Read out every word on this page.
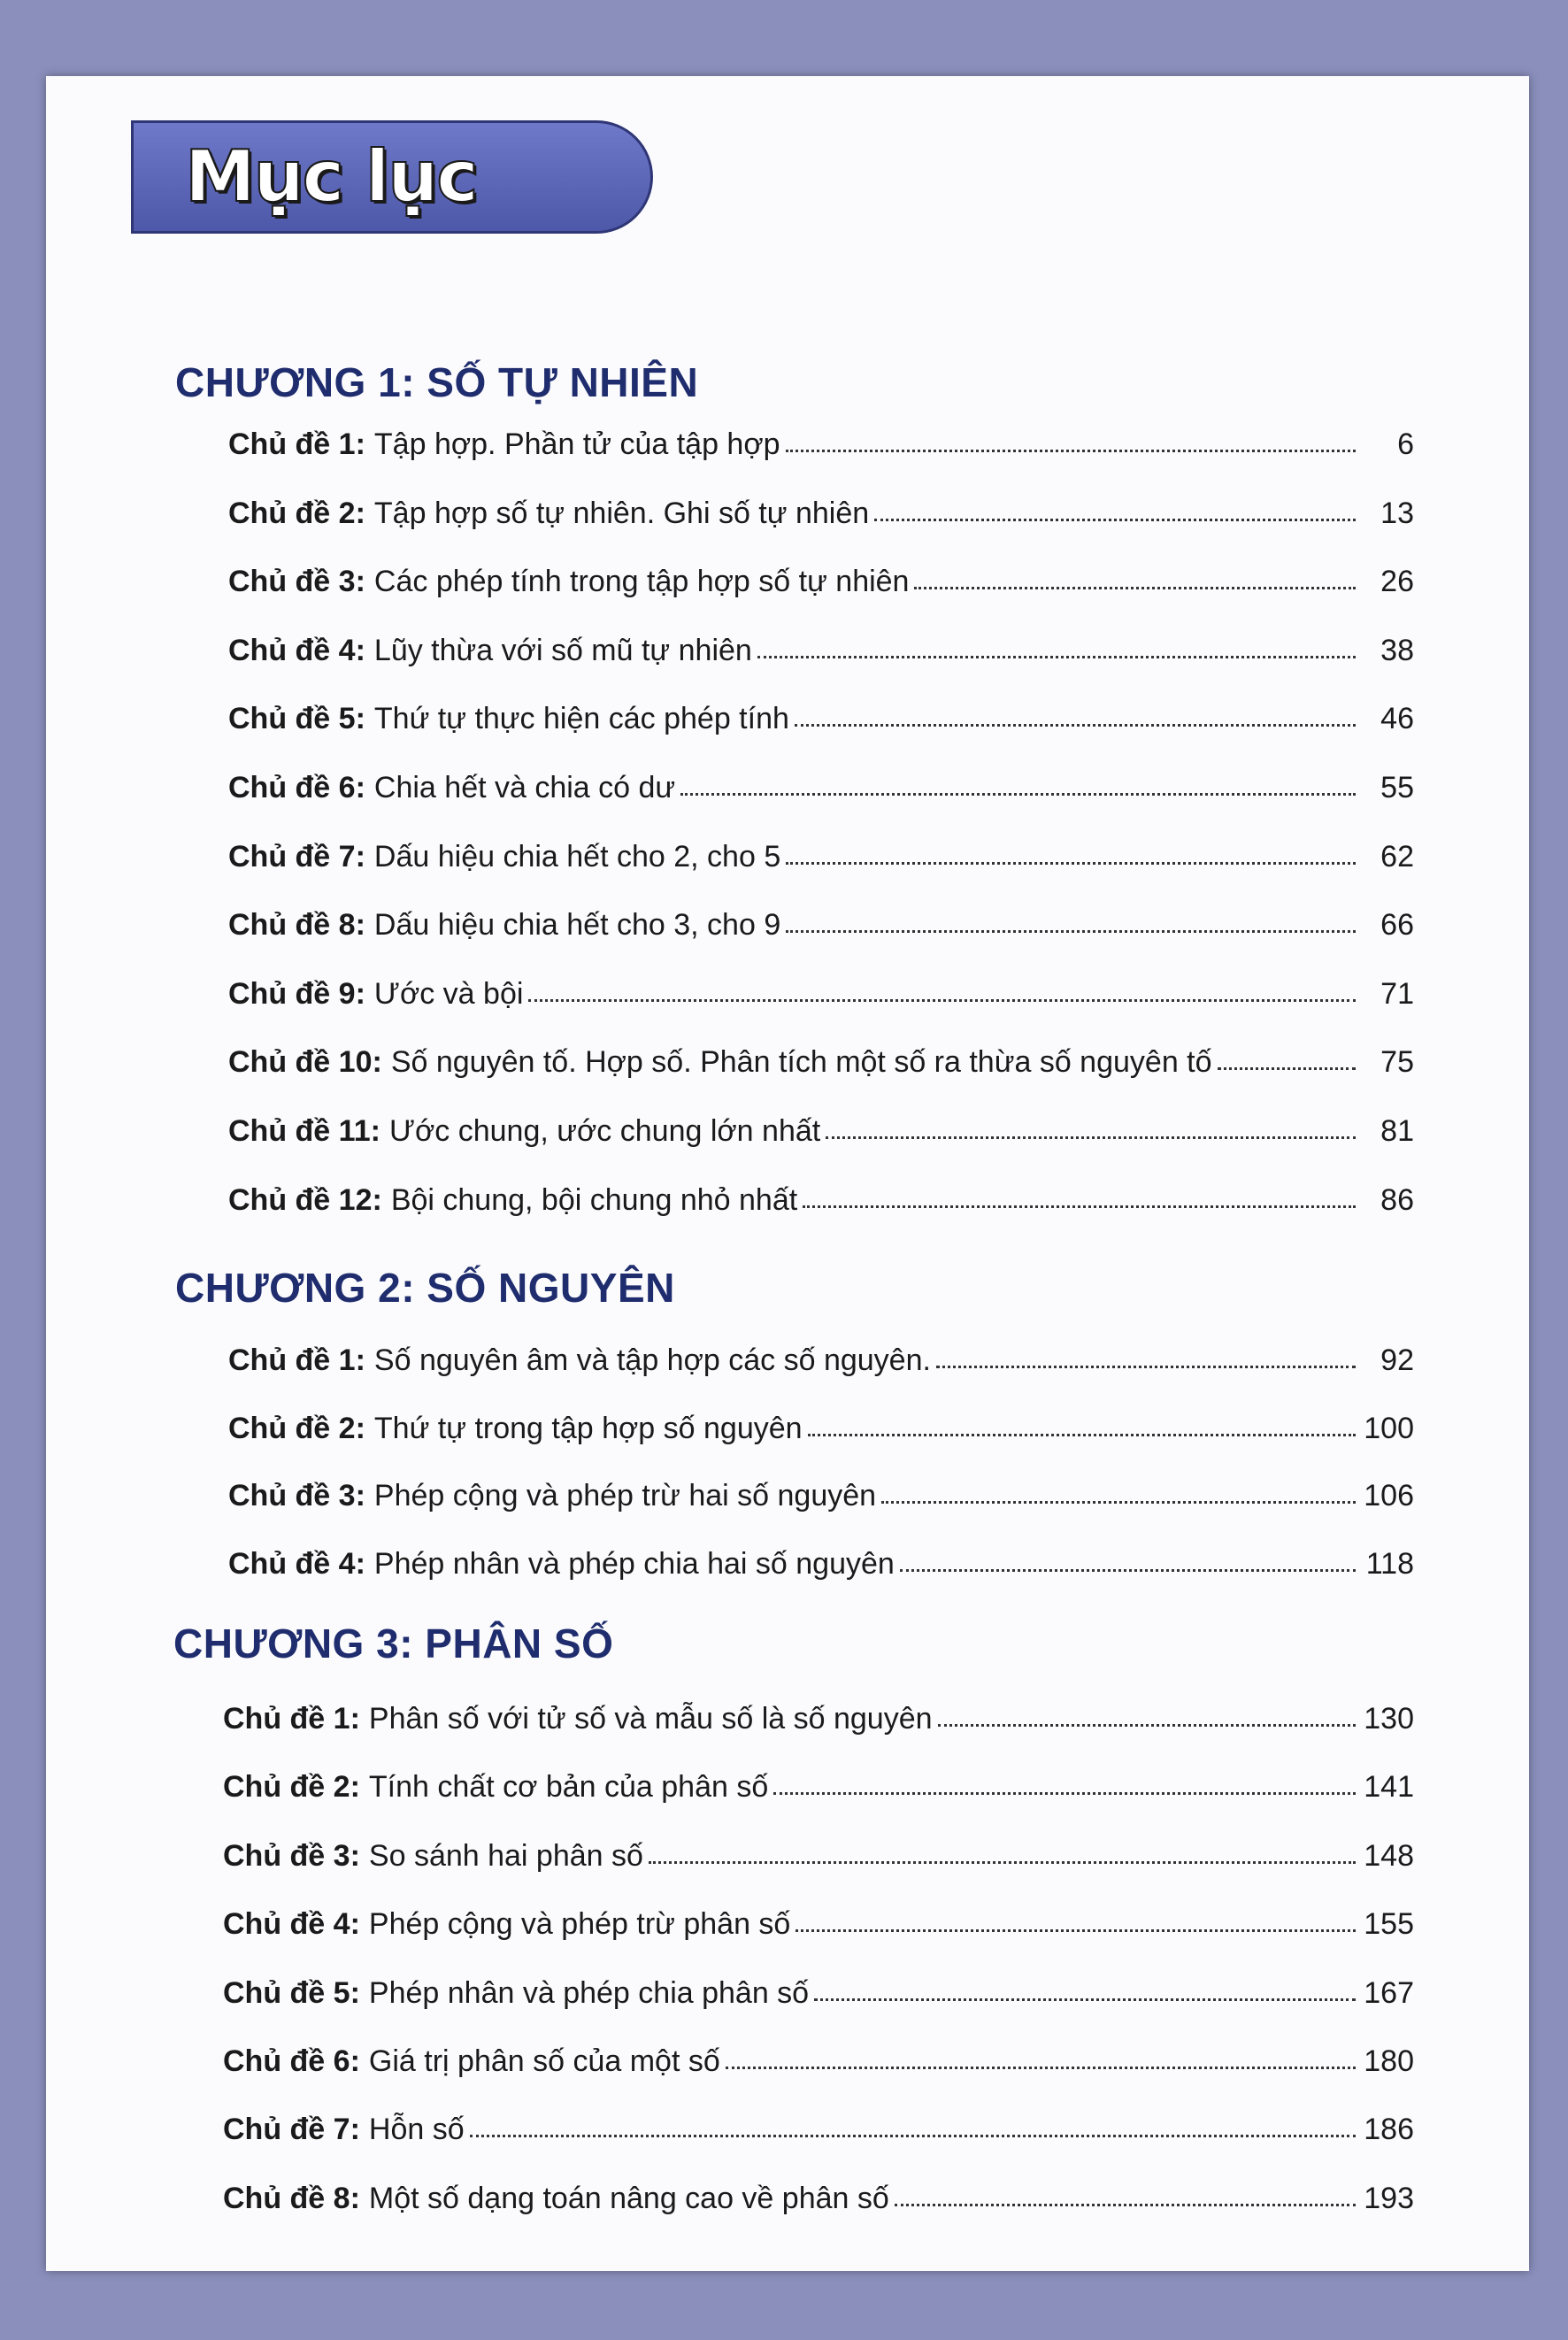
Mục lục
CHƯƠNG 1: SỐ TỰ NHIÊN
Chủ đề 1: Tập hợp. Phần tử của tập hợp	6
Chủ đề 2: Tập hợp số tự nhiên. Ghi số tự nhiên	13
Chủ đề 3: Các phép tính trong tập hợp số tự nhiên	26
Chủ đề 4: Lũy thừa với số mũ tự nhiên	38
Chủ đề 5: Thứ tự thực hiện các phép tính	46
Chủ đề 6: Chia hết và chia có dư	55
Chủ đề 7: Dấu hiệu chia hết cho 2, cho 5	62
Chủ đề 8: Dấu hiệu chia hết cho 3, cho 9	66
Chủ đề 9: Ước và bội	71
Chủ đề 10: Số nguyên tố. Hợp số. Phân tích một số ra thừa số nguyên tố	75
Chủ đề 11: Ước chung, ước chung lớn nhất	81
Chủ đề 12: Bội chung, bội chung nhỏ nhất	86
CHƯƠNG 2: SỐ NGUYÊN
Chủ đề 1: Số nguyên âm và tập hợp các số nguyên.	92
Chủ đề 2: Thứ tự trong tập hợp số nguyên	100
Chủ đề 3: Phép cộng và phép trừ hai số nguyên	106
Chủ đề 4: Phép nhân và phép chia hai số nguyên	118
CHƯƠNG 3: PHÂN SỐ
Chủ đề 1: Phân số với tử số và mẫu số là số nguyên	130
Chủ đề 2: Tính chất cơ bản của phân số	141
Chủ đề 3: So sánh hai phân số	148
Chủ đề 4: Phép cộng và phép trừ phân số	155
Chủ đề 5: Phép nhân và phép chia phân số	167
Chủ đề 6: Giá trị phân số của một số	180
Chủ đề 7: Hỗn số	186
Chủ đề 8: Một số dạng toán nâng cao về phân số	193
